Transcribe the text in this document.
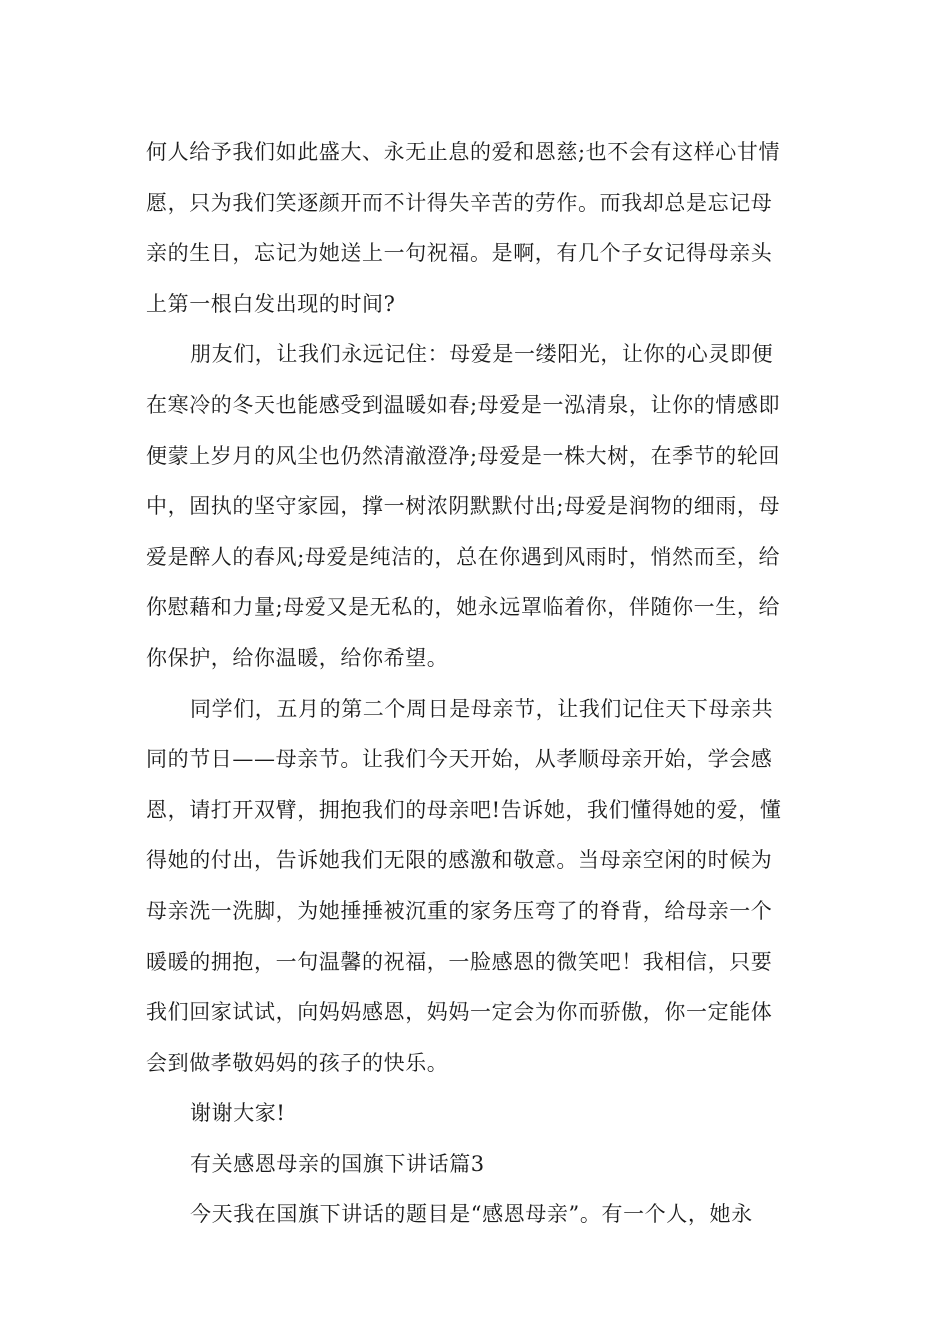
何人给予我们如此盛大、永无止息的爱和恩慈;也不会有这样心甘情
愿，只为我们笑逐颜开而不计得失辛苦的劳作。而我却总是忘记母
亲的生日，忘记为她送上一句祝福。是啊，有几个子女记得母亲头
上第一根白发出现的时间?
朋友们，让我们永远记住：母爱是一缕阳光，让你的心灵即便
在寒冷的冬天也能感受到温暖如春;母爱是一泓清泉，让你的情感即
便蒙上岁月的风尘也仍然清澈澄净;母爱是一株大树，在季节的轮回
中，固执的坚守家园，撑一树浓阴默默付出;母爱是润物的细雨，母
爱是醉人的春风;母爱是纯洁的，总在你遇到风雨时，悄然而至，给
你慰藉和力量;母爱又是无私的，她永远罩临着你，伴随你一生，给
你保护，给你温暖，给你希望。
同学们，五月的第二个周日是母亲节，让我们记住天下母亲共
同的节日——母亲节。让我们今天开始，从孝顺母亲开始，学会感
恩，请打开双臂，拥抱我们的母亲吧!告诉她，我们懂得她的爱，懂
得她的付出，告诉她我们无限的感激和敬意。当母亲空闲的时候为
母亲洗一洗脚，为她捶捶被沉重的家务压弯了的脊背，给母亲一个
暖暖的拥抱，一句温馨的祝福，一脸感恩的微笑吧！我相信，只要
我们回家试试，向妈妈感恩，妈妈一定会为你而骄傲，你一定能体
会到做孝敬妈妈的孩子的快乐。
谢谢大家!
有关感恩母亲的国旗下讲话篇3
今天我在国旗下讲话的题目是“感恩母亲”。有一个人，她永
